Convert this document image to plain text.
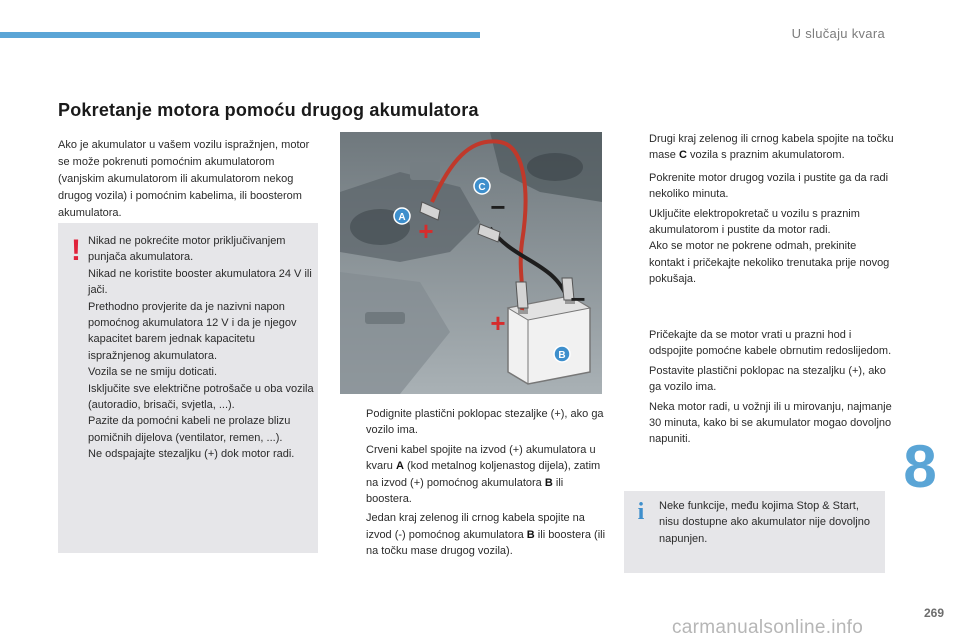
U slučaju kvara
Pokretanje motora pomoću drugog akumulatora

Ako je akumulator u vašem vozilu ispražnjen, motor se može pokrenuti pomoćnim akumulatorom (vanjskim akumulatorom ili akumulatorom nekog drugog vozila) i pomoćnim kabelima, ili boosterom akumulatora.

! Nikad ne pokrećite motor priključivanjem punjača akumulatora.

Nikad ne koristite booster akumulatora 24 V ili jači.

Prethodno provjerite da je nazivni napon pomoćnog akumulatora 12 V i da je njegov kapacitet barem jednak kapacitetu ispražnjenog akumulatora.

Vozila se ne smiju doticati.

Isključite sve električne potrošače u oba vozila (autoradio, brisači, svjetla, ...).

Pazite da pomoćni kabeli ne prolaze blizu pomičnih dijelova (ventilator, remen, ...).

Ne odspajajte stezaljku (+) dok motor radi.

A
C
B
+
+
−
−
Podignite plastični poklopac stezaljke (+), ako ga vozilo ima.
Crveni kabel spojite na izvod (+) akumulatora u kvaru A (kod metalnog koljenastog dijela), zatim na izvod (+) pomoćnog akumulatora B ili boostera.
Jedan kraj zelenog ili crnog kabela spojite na izvod (-) pomoćnog akumulatora B ili boostera (ili na točku mase drugog vozila).
Drugi kraj zelenog ili crnog kabela spojite na točku mase C vozila s praznim akumulatorom.
Pokrenite motor drugog vozila i pustite ga da radi nekoliko minuta.
Uključite elektropokretač u vozilu s praznim akumulatorom i pustite da motor radi.
Ako se motor ne pokrene odmah, prekinite kontakt i pričekajte nekoliko trenutaka prije novog pokušaja.
Pričekajte da se motor vrati u prazni hod i odspojite pomoćne kabele obrnutim redoslijedom.
Postavite plastični poklopac na stezaljku (+), ako ga vozilo ima.
Neka motor radi, u vožnji ili u mirovanju, najmanje 30 minuta, kako bi se akumulator mogao dovoljno napuniti.
i	Neke funkcije, među kojima Stop & Start, nisu dostupne ako akumulator nije dovoljno napunjen.
8
269
carmanualsonline.info
